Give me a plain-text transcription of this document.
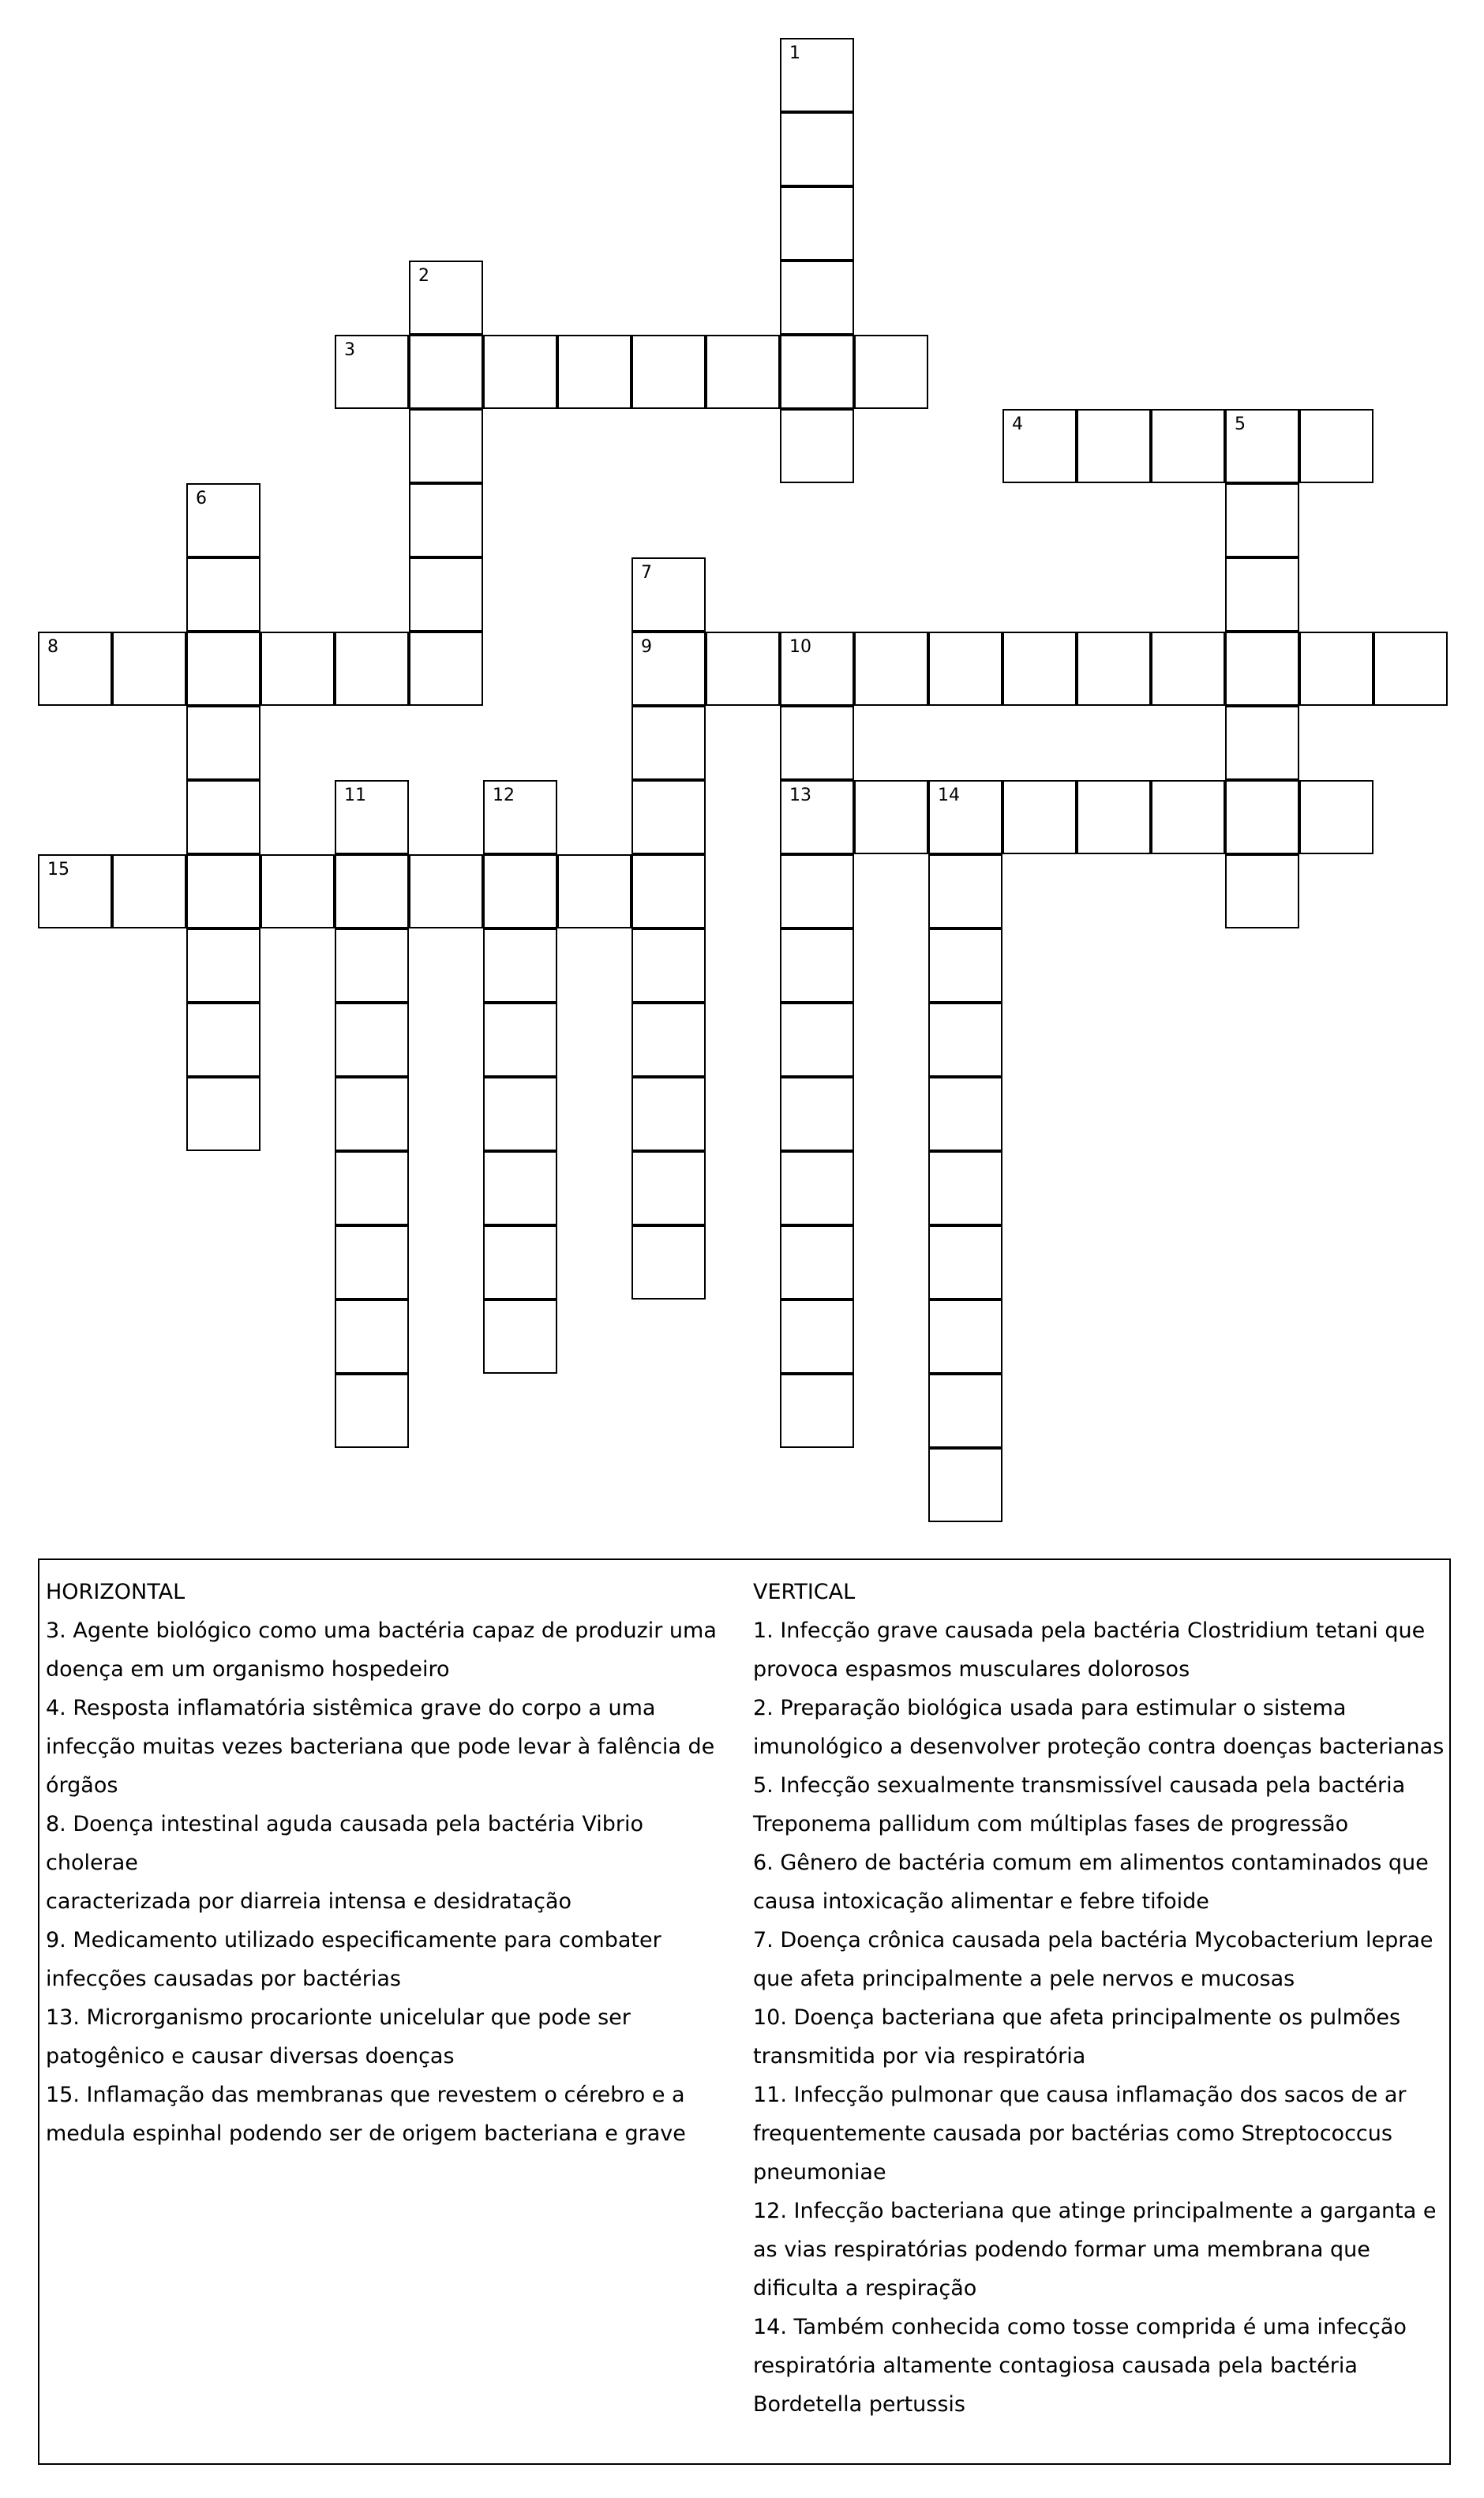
1
2
3
4	5
6
7
9
8	10
13
11	12	14
15
HORIZONTAL
3. Agente biológico como uma bactéria capaz de produzir uma
doença em um organismo hospedeiro
4. Resposta inflamatória sistêmica grave do corpo a uma
infecção muitas vezes bacteriana que pode levar à falência de
órgãos
8. Doença intestinal aguda causada pela bactéria Vibrio cholerae
caracterizada por diarreia intensa e desidratação
9. Medicamento utilizado especificamente para combater
infecções causadas por bactérias
13. Microrganismo procarionte unicelular que pode ser
patogênico e causar diversas doenças
15. Inflamação das membranas que revestem o cérebro e a
medula espinhal podendo ser de origem bacteriana e grave
VERTICAL
1. Infecção grave causada pela bactéria Clostridium tetani que
provoca espasmos musculares dolorosos
2. Preparação biológica usada para estimular o sistema
imunológico a desenvolver proteção contra doenças bacterianas
5. Infecção sexualmente transmissível causada pela bactéria
Treponema pallidum com múltiplas fases de progressão
6. Gênero de bactéria comum em alimentos contaminados que
causa intoxicação alimentar e febre tifoide
7. Doença crônica causada pela bactéria Mycobacterium leprae
que afeta principalmente a pele nervos e mucosas
10. Doença bacteriana que afeta principalmente os pulmões
transmitida por via respiratória
11. Infecção pulmonar que causa inflamação dos sacos de ar
frequentemente causada por bactérias como Streptococcus
pneumoniae
12. Infecção bacteriana que atinge principalmente a garganta e
as vias respiratórias podendo formar uma membrana que
dificulta a respiração
14. Também conhecida como tosse comprida é uma infecção
respiratória altamente contagiosa causada pela bactéria
Bordetella pertussis
